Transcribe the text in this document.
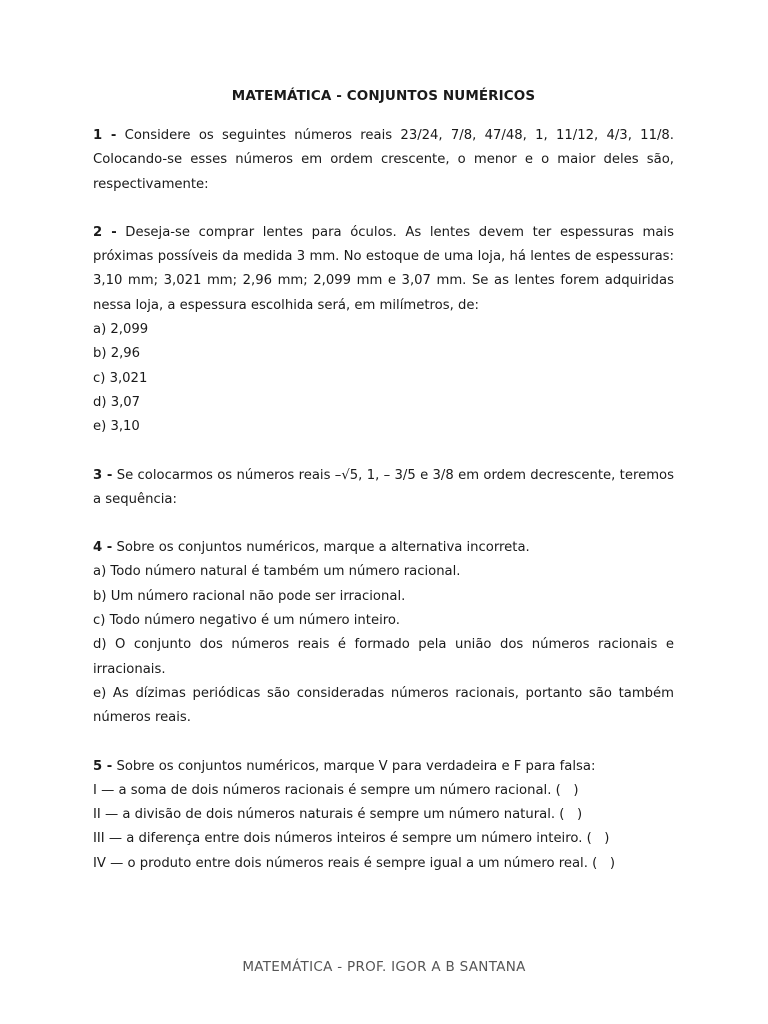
MATEMÁTICA - CONJUNTOS NUMÉRICOS

1 - Considere os seguintes números reais 23/24, 7/8, 47/48, 1, 11/12, 4/3, 11/8. Colocando-se esses números em ordem crescente, o menor e o maior deles são, respectivamente:

2 - Deseja-se comprar lentes para óculos. As lentes devem ter espessuras mais próximas possíveis da medida 3 mm. No estoque de uma loja, há lentes de espessuras: 3,10 mm; 3,021 mm; 2,96 mm; 2,099 mm e 3,07 mm. Se as lentes forem adquiridas nessa loja, a espessura escolhida será, em milímetros, de:

a) 2,099

b) 2,96

c) 3,021

d) 3,07

e) 3,10

3 - Se colocarmos os números reais –√5, 1, – 3/5 e 3/8 em ordem decrescente, teremos a sequência:

4 - Sobre os conjuntos numéricos, marque a alternativa incorreta.

a) Todo número natural é também um número racional.

b) Um número racional não pode ser irracional.

c) Todo número negativo é um número inteiro.

d) O conjunto dos números reais é formado pela união dos números racionais e irracionais.

e) As dízimas periódicas são consideradas números racionais, portanto são também números reais.

5 - Sobre os conjuntos numéricos, marque V para verdadeira e F para falsa:

I — a soma de dois números racionais é sempre um número racional. (   )

II — a divisão de dois números naturais é sempre um número natural. (   )

III — a diferença entre dois números inteiros é sempre um número inteiro. (   )

IV — o produto entre dois números reais é sempre igual a um número real. (   )

MATEMÁTICA - PROF. IGOR A B SANTANA
